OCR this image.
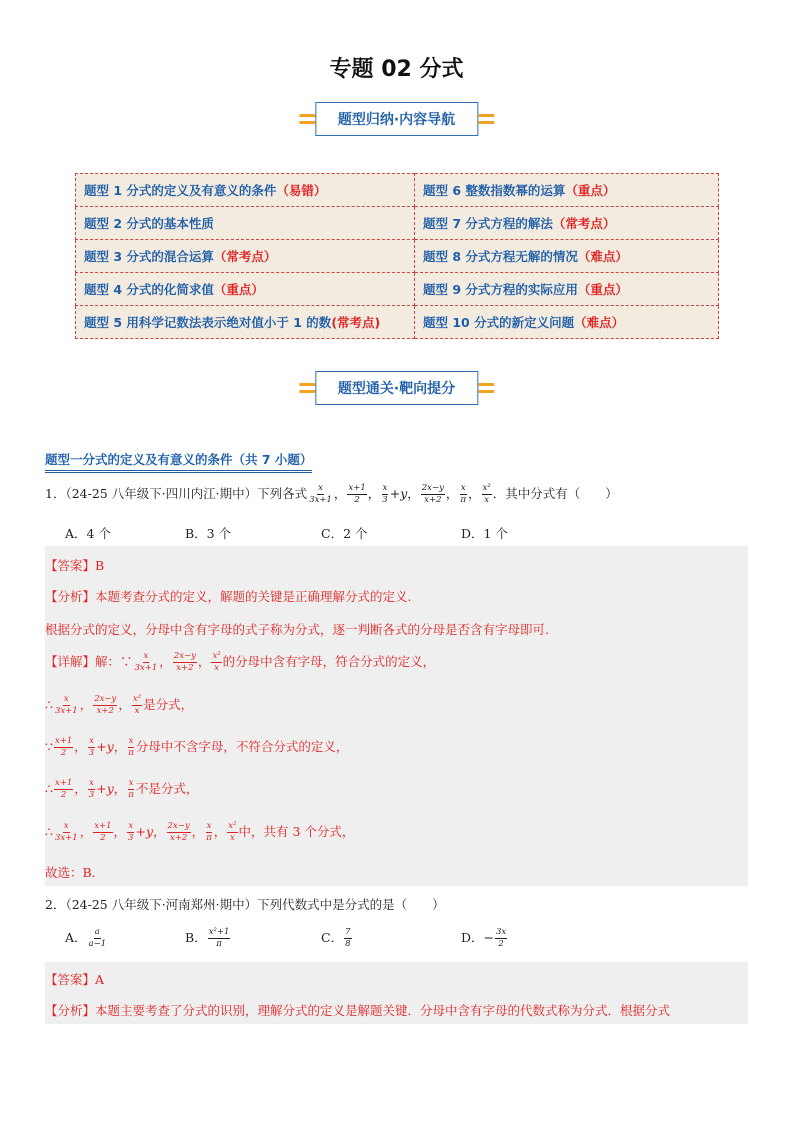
专题 02 分式
题型归纳·内容导航
题型 1 分式的定义及有意义的条件（易错）	题型 6 整数指数幂的运算（重点）
题型 2 分式的基本性质	题型 7 分式方程的解法（常考点）
题型 3 分式的混合运算（常考点）	题型 8 分式方程无解的情况（难点）
题型 4 分式的化简求值（重点）	题型 9 分式方程的实际应用（重点）
题型 5 用科学记数法表示绝对值小于 1 的数(常考点)	题型 10 分式的新定义问题（难点）
题型通关·靶向提分
题型一分式的定义及有意义的条件（共 7 小题）
1．（24-25 八年级下·四川内江·期中）下列各式 $\frac{x}{3x+1}$ ， $\frac{x+1}{2}$ ， $\frac{x}{3} +y$， $\frac{2x-y}{x+2}$ ， $\frac{x}{\pi}$ ， $\frac{\text{x²}}{x}$ ．其中分式有（　　）
A．4 个	B．3 个	C．2 个	D．1 个
【答案】B
【分析】本题考查分式的定义，解题的关键是正确理解分式的定义.
根据分式的定义，分母中含有字母的式子称为分式，逐一判断各式的分母是否含有字母即可.
【详解】解：∵ $\frac{x}{3x+1}$ ， $\frac{2x-y}{x+2}$ ， $\frac{\text{x²}}{x}$ 的分母中含有字母，符合分式的定义，
∴ $\frac{x}{3x+1}$ ， $\frac{2x-y}{x+2}$ ， $\frac{\text{x²}}{x}$ 是分式，
∵ $\frac{x+1}{2}$ ， $\frac{x}{3} +y$， $\frac{x}{\pi}$ 分母中不含字母，不符合分式的定义，
∴ $\frac{x+1}{2}$ ， $\frac{x}{3} +y$， $\frac{x}{\pi}$ 不是分式，
∴ $\frac{x}{3x+1}$ ， $\frac{x+1}{2}$ ， $\frac{x}{3} +y$， $\frac{2x-y}{x+2}$ ， $\frac{x}{\pi}$ ， $\frac{\text{x²}}{x}$ 中，共有 3 个分式，
故选：B．
2．（24-25 八年级下·河南郑州·期中）下列代数式中是分式的是（　　）
A． $\frac{a}{a-1}$	B． $\frac{\text{x²+1}}{\pi}$	C． $\frac{7}{8}$	D．− $\frac{3x}{2}$
【答案】A
【分析】本题主要考查了分式的识别，理解分式的定义是解题关键．分母中含有字母的代数式称为分式．根据分式
